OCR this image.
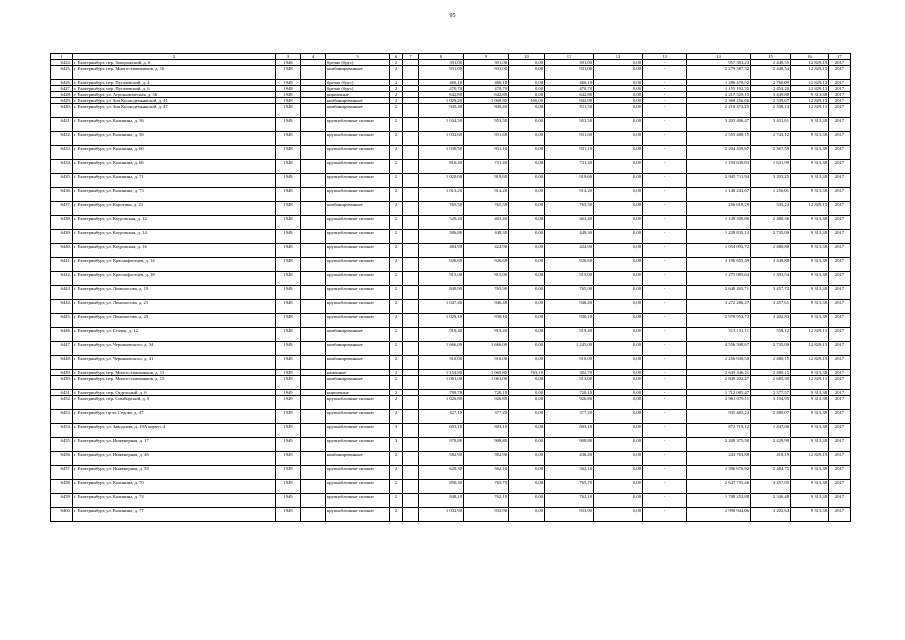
95
1	2	3	4	5	6	7	8	9	10	11	12	13	14	15	16	17
6424.	г. Екатеринбург, пер. Запорожский, д. 6	1948		брезно (брус)	2		391,00	391,00	0,00	391,00	0,00	-	957 383,23	2 448,55	12 829,13	2017
6425.	г. Екатеринбург, пер. Многостаночников, д. 16	1948		комбинированные	2		931,00	931,00	0,00	931,00	0,00	-	2 279 587,32	2 448,54	12 829,13	2017
6426.	г. Екатеринбург, пер. Пугачевский, д. 4	1948		брезно (брус)	2		466,10	466,10	0,00	466,10	0,00	-	1 286 478,52	2 760,09	12 829,13	2017
6427.	г. Екатеринбург, пер. Пугачевский, д. 6	1948		брезно (брус)	2		470,70	470,70	0,00	470,70	0,00	-	1 155 192,55	2 454,20	12 829,13	2017
6428.	г. Екатеринбург, ул. Агрономическая, д. 56	1948		кирпичные	2		642,80	642,80	0,00	642,80	0,00	-	2 217 529,13	3 449,80	9 313,38	2017
6429.	г. Екатеринбург, ул. Зои Космодемьянской, д. 41	1948		комбинированные	2		1 029,20	1 008,80	166,00	842,00	0,00	-	2 360 256,66	2 339,67	12 829,13	2017
6430.	г. Екатеринбург, ул. Зои Космодемьянской, д. 47	1948		комбинированные	2		945,40	945,40	0,00	811,50	0,00	-	2 210 474,25	2 338,14	12 829,13	2017
6431.	г. Екатеринбург, ул. Калинина, д. 56	1948		крупноблочные силикат	2		1 034,50	953,50	0,00	953,50	0,00	-	3 203 406,47	3 431,61	9 313,38	2017
6432.	г. Екатеринбург, ул. Калинина, д. 58	1948		крупноблочные силикат	2		1 032,60	931,60	0,00	931,60	0,00	-	2 555 488,15	2 743,12	9 313,38	2017
6433.	г. Екатеринбург, ул. Калинина, д. 60	1948		крупноблочные силикат	2		1 030,50	931,10	0,00	931,10	0,00	-	2 204 459,67	2 367,59	9 313,38	2017
6434.	г. Екатеринбург, ул. Калинина, д. 66	1948		крупноблочные силикат	2		816,40	731,40	0,00	731,40	0,00	-	1 193 639,83	1 631,99	9 313,38	2017
6435.	г. Екатеринбург, ул. Калинина, д. 71	1948		крупноблочные силикат	2		1 020,60	919,60	0,00	919,60	0,00	-	2 945 711,94	3 203,25	9 313,38	2017
6436.	г. Екатеринбург, ул. Калинина, д. 73	1948		крупноблочные силикат	2		1 013,20	914,20	0,00	914,20	0,00	-	1 148 243,67	1 256,01	9 313,38	2017
6437.	г. Екатеринбург, ул. Коротина, д. 23	1948		комбинированные	2		765,50	765,50	0,00	765,50	0,00	-	256 618,28	335,23	12 829,13	2017
6438.	г. Екатеринбург, ул. Коуровская, д. 12	1948		крупноблочные силикат	2		520,20	463,40	0,00	463,40	0,00	-	1 149 399,86	2 480,36	9 313,38	2017
6439.	г. Екатеринбург, ул. Коуровская, д. 14	1948		крупноблочные силикат	2		506,80	449,30	0,00	449,30	0,00	-	1 228 835,14	2 735,00	9 313,38	2017
6440.	г. Екатеринбург, ул. Коуровская, д. 16	1948		крупноблочные силикат	2		484,90	424,90	0,00	424,90	0,00	-	1 054 093,72	2 480,80	9 313,38	2017
6441.	г. Екатеринбург, ул. Краснофлотцев, д. 14	1948		крупноблочные силикат	2		926,60	926,60	0,00	926,60	0,00	-	3 196 655,49	3 449,88	9 313,38	2017
6442.	г. Екатеринбург, ул. Краснофлотцев, д. 38	1948		крупноблочные силикат	2		915,00	915,00	0,00	915,00	0,00	-	1 275 085,64	1 393,54	9 313,38	2017
6443.	г. Екатеринбург, ул. Ломоносова, д. 19	1948		крупноблочные силикат	2		849,90	765,90	0,00	765,90	0,00	-	2 648 265,71	3 457,72	9 313,38	2017
6444.	г. Екатеринбург, ул. Ломоносова, д. 21	1948		крупноблочные силикат	2		1 047,40	946,40	0,00	946,40	0,00	-	3 272 286,27	3 457,61	9 313,38	2017
6445.	г. Екатеринбург, ул. Ломоносова, д. 23	1948		крупноблочные силикат	2		1 029,10	930,10	0,00	930,10	0,00	-	2 978 952,73	3 202,83	9 313,38	2017
6446.	г. Екатеринбург, ул. Стачек, д. 12	1948		комбинированные	2		919,40	919,40	0,00	919,40	0,00	-	513 131,11	558,12	12 829,13	2017
6447.	г. Екатеринбург, ул. Черняховского, д. 34	1948		комбинированные	2		1 666,00	1 666,00	0,00	1 245,00	0,00	-	4 556 508,67	2 735,00	12 829,13	2017
6448.	г. Екатеринбург, ул. Черняховского, д. 41	1948		комбинированные	2		910,00	910,00	0,00	910,00	0,00	-	2 256 938,50	2 480,15	12 829,13	2017
6449.	г. Екатеринбург, пер. Многостаночников, д. 13	1949		каменные	2		1 154,80	1 065,80	763,10	302,70	0,00	-	2 643 346,21	2 480,15	9 313,38	2017
6450.	г. Екатеринбург, пер. Многостаночников, д. 15	1949		комбинированные	2		1 061,00	1 061,00	0,00	913,00	0,00	-	2 849 202,27	2 685,39	12 829,13	2017
6451.	г. Екатеринбург, пер. Отдельный, д. 6	1949		кирпичные	2		799,70	720,10	0,00	720,10	0,00	-	1 712 085,47	2 377,57	9 313,38	2017
6452.	г. Екатеринбург, пер. Симбирский, д. 9	1949		крупноблочные силикат	2		1 026,80	926,80	0,00	926,80	0,00	-	2 961 079,11	3 194,95	9 313,38	2017
6453.	г. Екатеринбург, пр-кт Седова, д. 47	1949		крупноблочные силикат	2		427,10	377,20	0,00	377,20	0,00	-	935 483,23	2 480,07	9 313,38	2017
6454.	г. Екатеринбург, ул. Заводская, д. 19А корпус 4	1949		крупноблочные силикат	3		603,10	603,10	0,00	603,10	0,00	-	872 719,12	1 447,06	9 313,38	2017
6455.	г. Екатеринбург, ул. Инженерная, д. 17	1949		крупноблочные силикат	3		978,80	908,80	0,00	908,80	0,00	-	2 208 375,38	2 429,99	9 313,38	2017
6456.	г. Екатеринбург, ул. Инженерная, д. 46	1949		комбинированные	2		582,90	582,90	0,00	436,40	0,00	-	243 763,88	418,19	12 829,13	2017
6457.	г. Екатеринбург, ул. Инженерная, д. 50	1949		крупноблочные силикат	2		620,30	562,10	0,00	562,10	0,00	-	1 396 676,92	2 484,75	9 313,38	2017
6458.	г. Екатеринбург, ул. Калинина, д. 70	1949		крупноблочные силикат	2		850,30	765,70	0,00	765,70	0,00	-	2 647 755,46	3 457,95	9 313,38	2017
6459.	г. Екатеринбург, ул. Калинина, д. 74	1949		крупноблочные силикат	2		848,10	762,10	0,00	762,10	0,00	-	1 788 252,88	2 346,48	9 313,38	2017
6460.	г. Екатеринбург, ул. Калинина, д. 77	1949		крупноблочные силикат	2		1 032,90	933,90	0,00	933,90	0,00	-	2 990 944,06	3 202,64	9 313,38	2017
